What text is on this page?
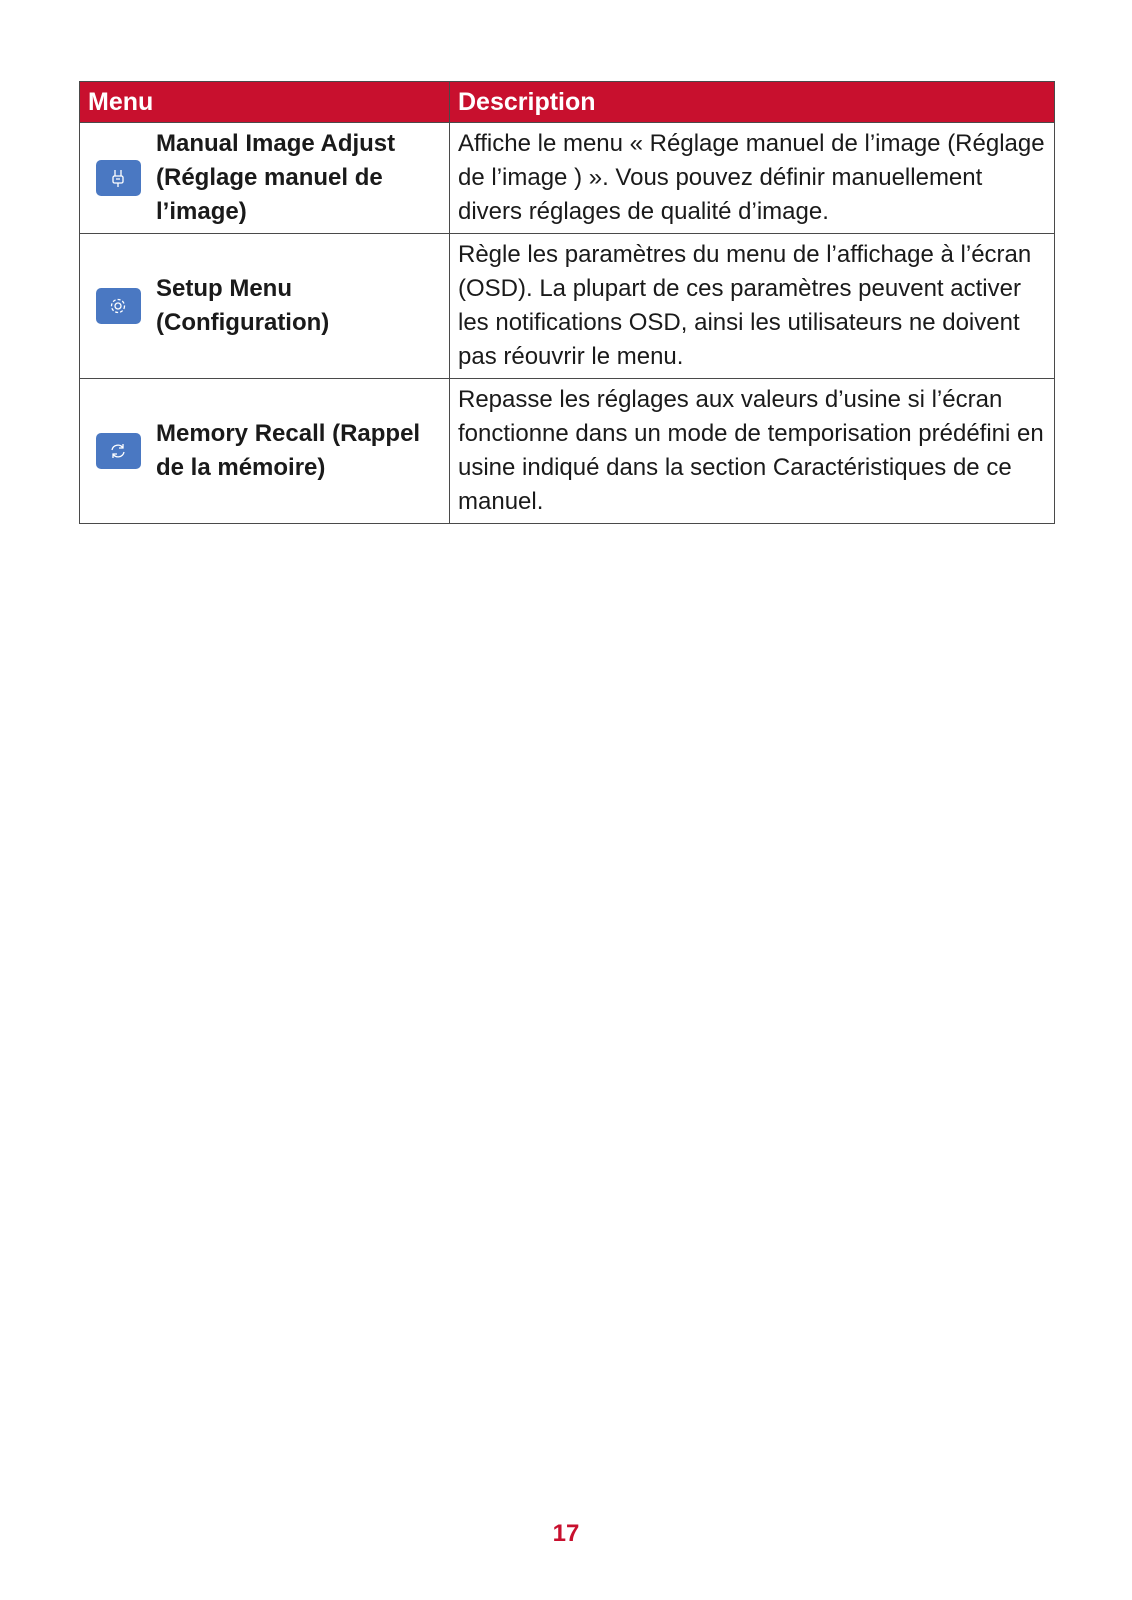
Menu	Description

Manual Image Adjust (Réglage manuel de l’image)	Affiche le menu « Réglage manuel de l’image (Réglage de l’image ) ». Vous pouvez définir manuellement divers réglages de qualité d’image.

Setup Menu (Configuration)	Règle les paramètres du menu de l’affichage à l’écran (OSD). La plupart de ces paramètres peuvent activer les notifications OSD, ainsi les utilisateurs ne doivent pas réouvrir le menu.

Memory Recall (Rappel de la mémoire)	Repasse les réglages aux valeurs d’usine si l’écran fonctionne dans un mode de temporisation prédéfini en usine indiqué dans la section Caractéristiques de ce manuel.
17
